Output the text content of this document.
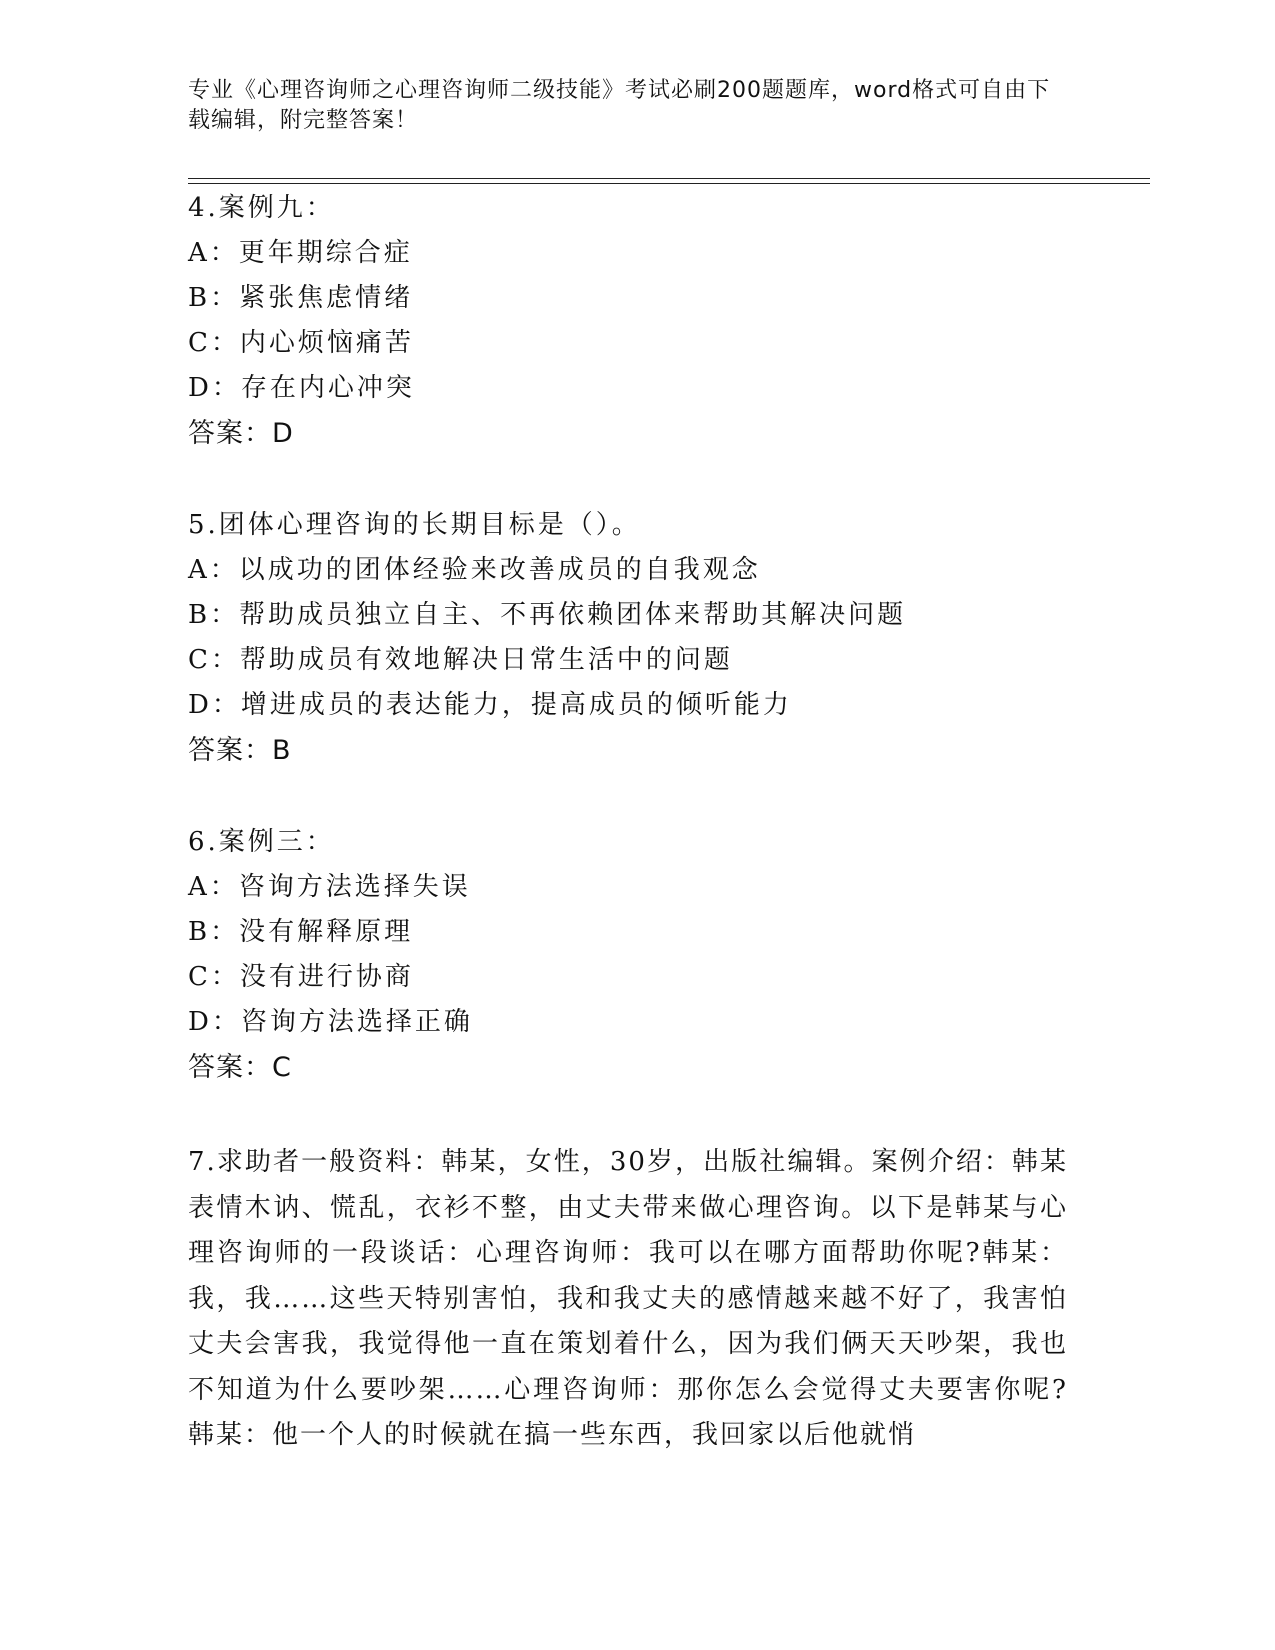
专业《心理咨询师之心理咨询师二级技能》考试必刷200题题库，word格式可自由下载编辑，附完整答案！
4.案例九：
A：更年期综合症
B：紧张焦虑情绪
C：内心烦恼痛苦
D：存在内心冲突
答案：D
5.团体心理咨询的长期目标是（）。
A：以成功的团体经验来改善成员的自我观念
B：帮助成员独立自主、不再依赖团体来帮助其解决问题
C：帮助成员有效地解决日常生活中的问题
D：增进成员的表达能力，提高成员的倾听能力
答案：B
6.案例三：
A：咨询方法选择失误
B：没有解释原理
C：没有进行协商
D：咨询方法选择正确
答案：C

7.求助者一般资料：韩某，女性，30岁，出版社编辑。案例介绍：韩某表情木讷、慌乱，衣衫不整，由丈夫带来做心理咨询。以下是韩某与心理咨询师的一段谈话：心理咨询师：我可以在哪方面帮助你呢?韩某：我，我……这些天特别害怕，我和我丈夫的感情越来越不好了，我害怕丈夫会害我，我觉得他一直在策划着什么，因为我们俩天天吵架，我也不知道为什么要吵架……心理咨询师：那你怎么会觉得丈夫要害你呢?韩某：他一个人的时候就在搞一些东西，我回家以后他就悄
